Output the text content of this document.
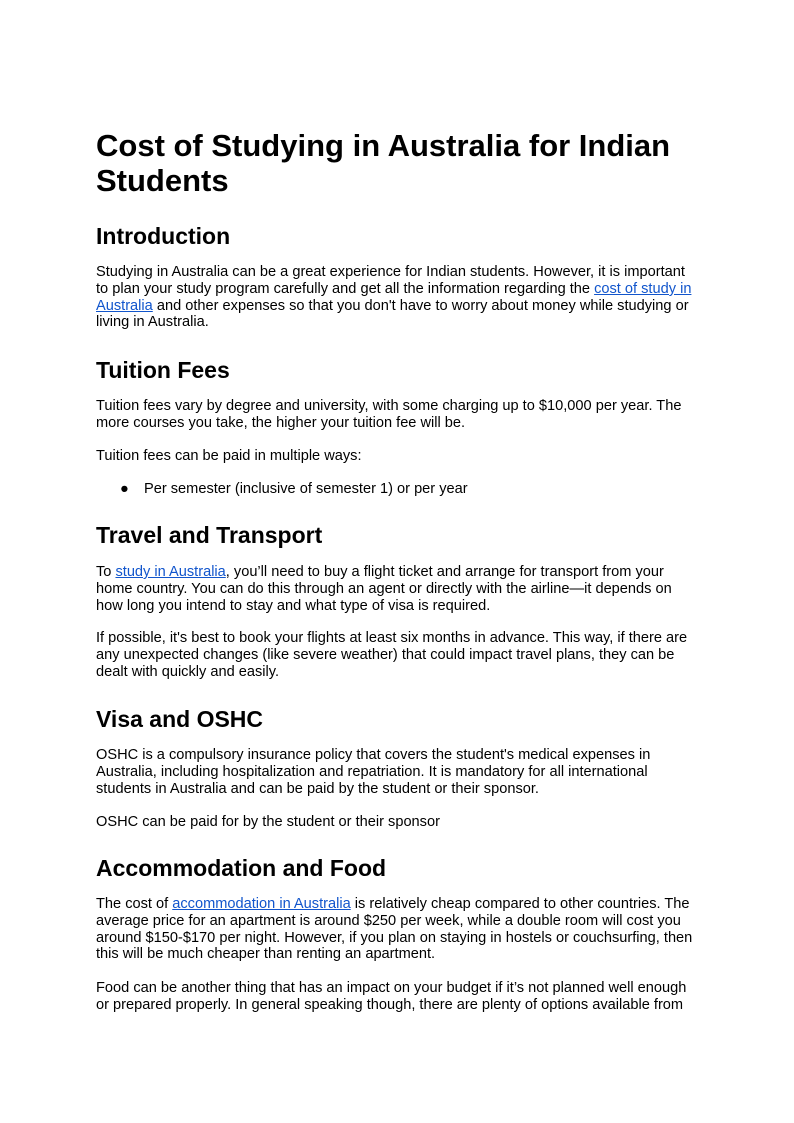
Cost of Studying in Australia for Indian Students
Introduction

Studying in Australia can be a great experience for Indian students. However, it is important to plan your study program carefully and get all the information regarding the cost of study in Australia and other expenses so that you don't have to worry about money while studying or living in Australia.

Tuition Fees

Tuition fees vary by degree and university, with some charging up to $10,000 per year. The more courses you take, the higher your tuition fee will be.

Tuition fees can be paid in multiple ways:

● Per semester (inclusive of semester 1) or per year
Travel and Transport

To study in Australia, you’ll need to buy a flight ticket and arrange for transport from your home country. You can do this through an agent or directly with the airline—it depends on how long you intend to stay and what type of visa is required.

If possible, it's best to book your flights at least six months in advance. This way, if there are any unexpected changes (like severe weather) that could impact travel plans, they can be dealt with quickly and easily.

Visa and OSHC

OSHC is a compulsory insurance policy that covers the student's medical expenses in Australia, including hospitalization and repatriation. It is mandatory for all international students in Australia and can be paid by the student or their sponsor.

OSHC can be paid for by the student or their sponsor

Accommodation and Food

The cost of accommodation in Australia is relatively cheap compared to other countries. The average price for an apartment is around $250 per week, while a double room will cost you around $150-$170 per night. However, if you plan on staying in hostels or couchsurfing, then this will be much cheaper than renting an apartment.

Food can be another thing that has an impact on your budget if it’s not planned well enough or prepared properly. In general speaking though, there are plenty of options available from
